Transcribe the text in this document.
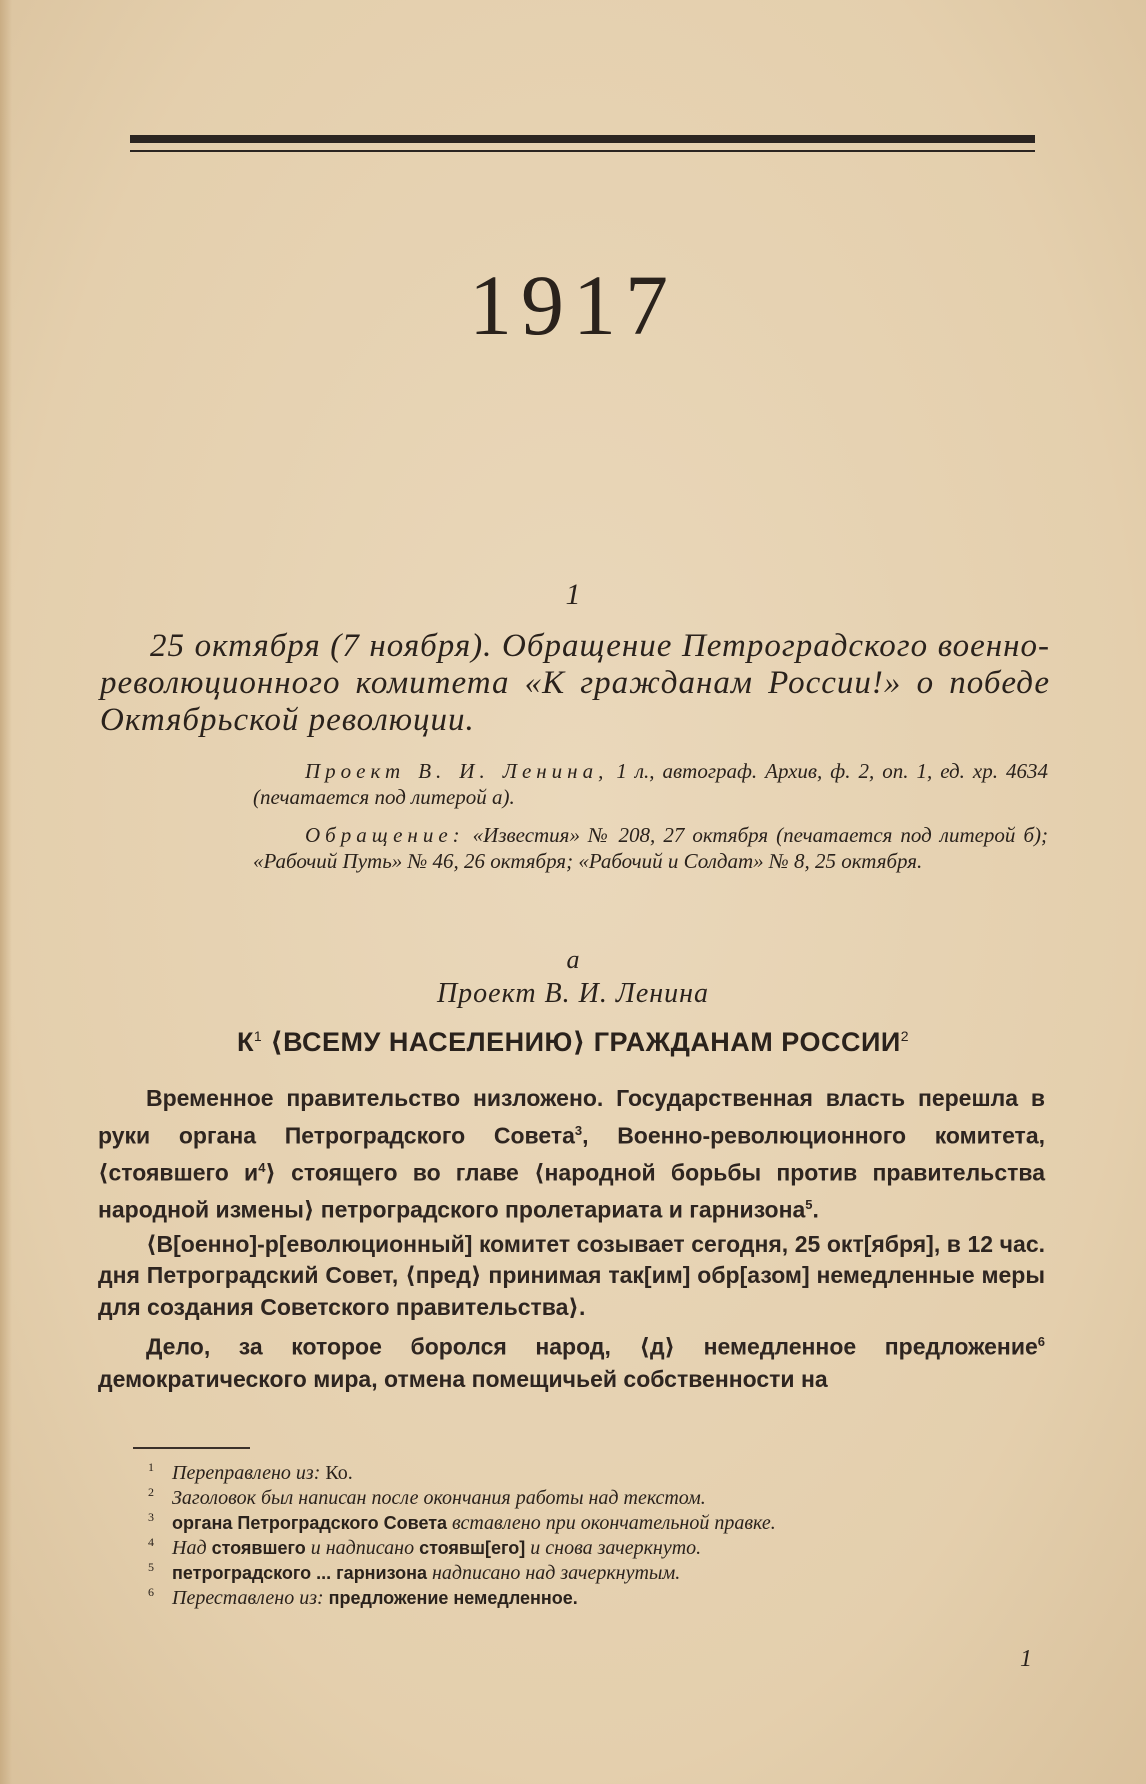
1917
1
25 октября (7 ноября). Обращение Петроградского военно-революционного комитета «К гражданам России!» о победе Октябрьской революции.
Проект В. И. Ленина, 1 л., автограф. Архив, ф. 2, оп. 1, ед. хр. 4634 (печатается под литерой а).
Обращение: «Известия» № 208, 27 октября (печатается под литерой б); «Рабочий Путь» № 46, 26 октября; «Рабочий и Солдат» № 8, 25 октября.
а
Проект В. И. Ленина
$К^1$ ⟨ВСЕМУ НАСЕЛЕНИЮ⟩ ГРАЖДАНАМ РОССИИ$^2$

Временное правительство низложено. Государственная власть перешла в руки органа Петроградского Совета$^3$, Военно-революционного комитета, ⟨стоявшего $и^4⟩$ стоящего во главе ⟨народной борьбы против правительства народной измены⟩ петроградского пролетариата и гарнизона$^5$.

⟨В[оенно]-р[еволюционный] комитет созывает сегодня, 25 окт[ября], в 12 час. дня Петроградский Совет, ⟨пред⟩ принимая так[им] обр[азом] немедленные меры для создания Советского правительства⟩.

Дело, за которое боролся народ, ⟨д⟩ немедленное предложение$^6$ демократического мира, отмена помещичьей собственности на

1 Переправлено из: Ко.
2 Заголовок был написан после окончания работы над текстом.
3 органа Петроградского Совета вставлено при окончательной правке.
4 Над стоявшего и надписано стоявш[его] и снова зачеркнуто.
5 петроградского ... гарнизона надписано над зачеркнутым.
6 Переставлено из: предложение немедленное.
1
